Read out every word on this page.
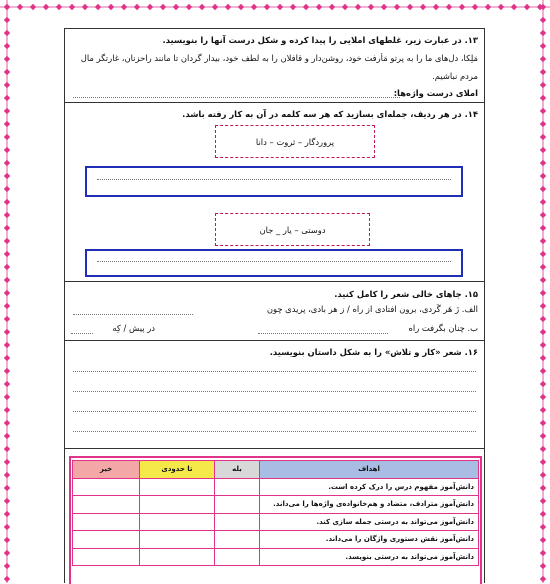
۱۳. در عبارت زیر، غلطهای املایی را پیدا کرده و شکل درست آنها را بنویسید.
مَلِکا، دل‌های ما را به پرتوِ مَأرفت خود، روشن‌دار و قافلان را به لطف خود، بیدار گردان تا مانند راحزنان، غارتگر مال
مردم نباشیم.
املای درست واژه‌ها:
۱۴. در هر ردیف، جمله‌ای بسازید که هر سه کلمه در آن به کار رفته باشد.
پروردگار – ثروت – دانا
دوستی – یار _ جان
۱۵. جاهای خالی شعر را کامل کنید.
الف. زَ هَر گَردی، برون افتادی از راه / زِ هر بادی، پریدی چون
ب. چنان بگرفت راه
در پیش / کِه
۱۶. شعر «کار و تلاش» را به شکل داستان بنویسید.
اهداف	بله	تا حدودی	خیر
دانش‌آموز مفهوم درس را درک کرده است.			
دانش‌آموز مترادف، متضاد و هم‌خانواده‌ی واژه‌ها را می‌داند.			
دانش‌آموز می‌تواند به درستی جمله سازی کند.			
دانش‌آموز نقش دستوری واژگان را می‌داند.			
دانش‌آموز می‌تواند به درستی بنویسد.			
